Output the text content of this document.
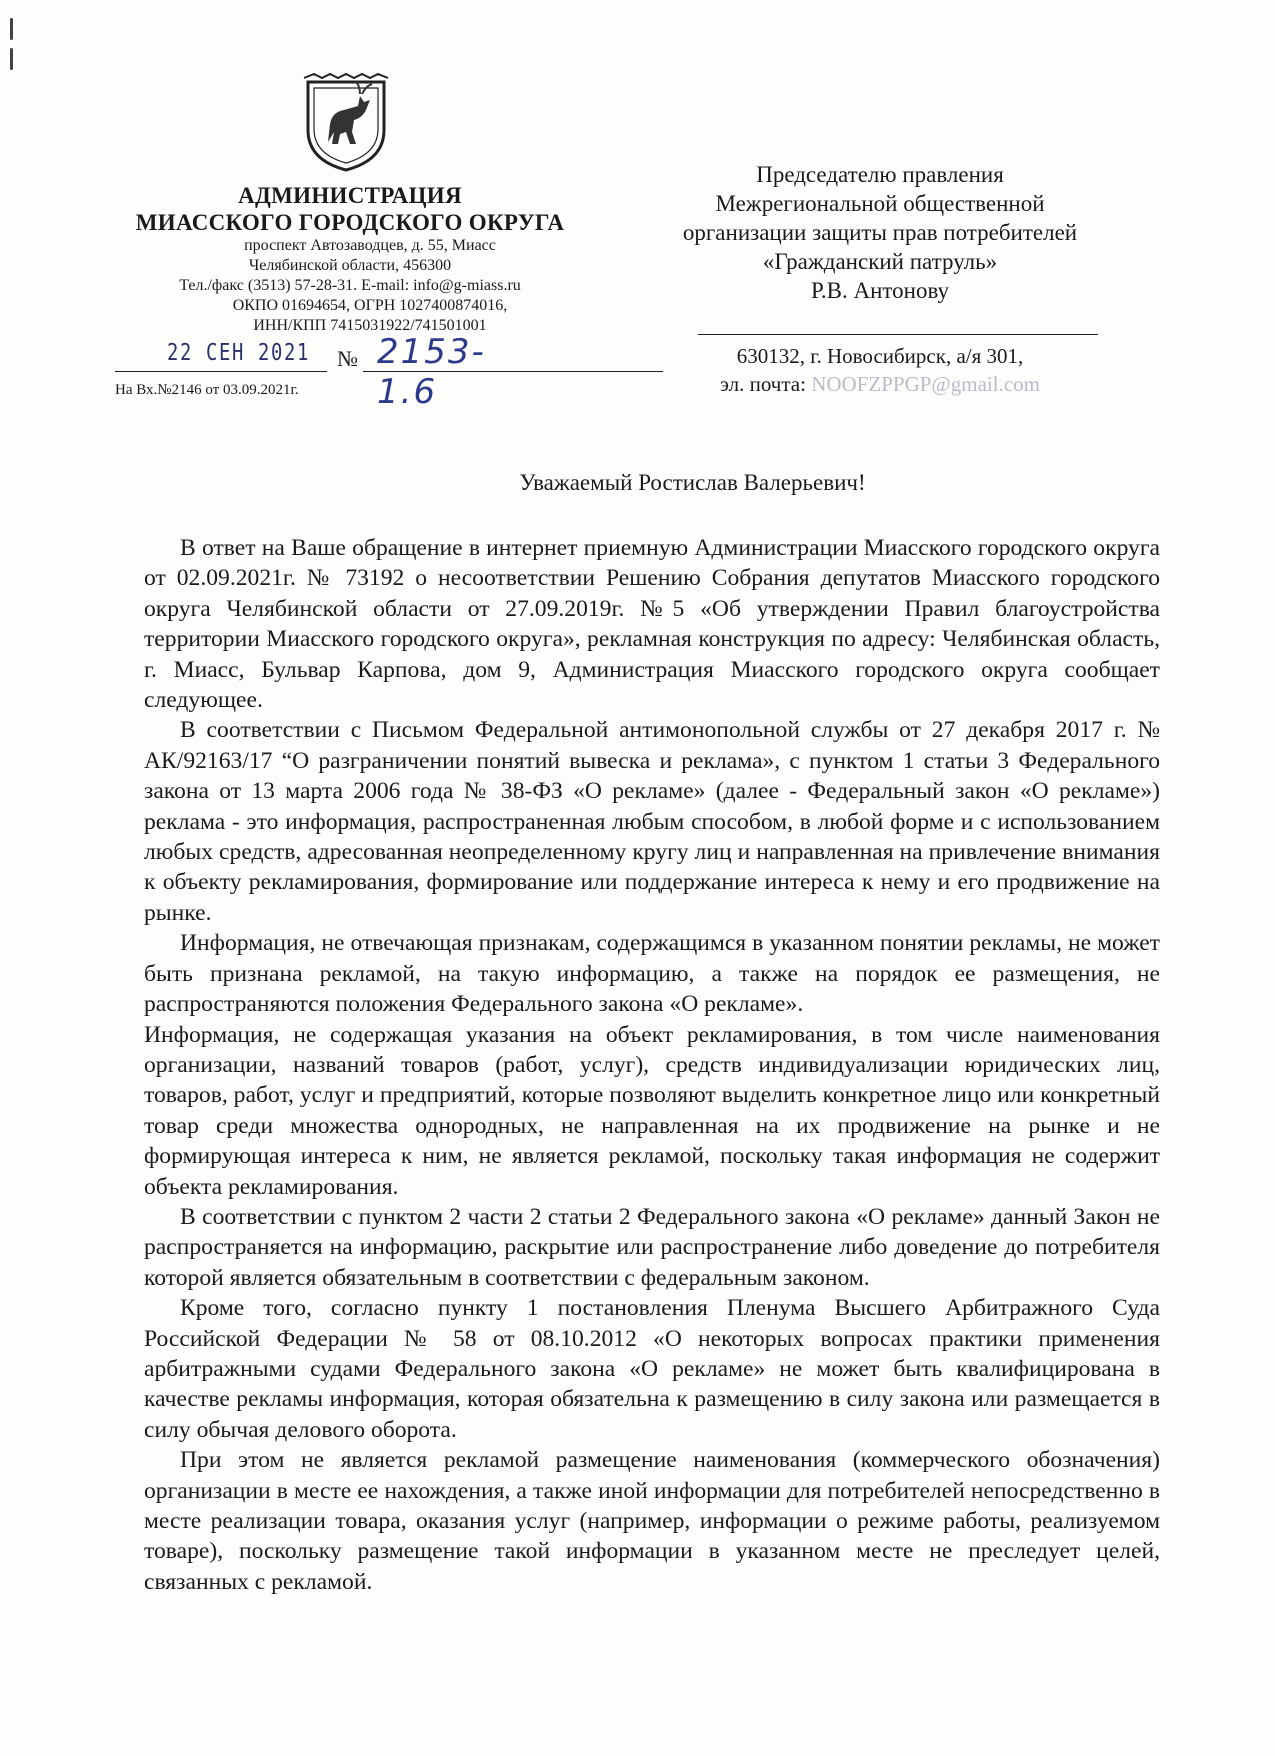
АДМИНИСТРАЦИЯ
МИАССКОГО ГОРОДСКОГО ОКРУГА
проспект Автозаводцев, д. 55, Миасс
Челябинской области, 456300
Тел./факс (3513) 57-28-31. E-mail: info@g-miass.ru
ОКПО 01694654, ОГРН 1027400874016,
ИНН/КПП 7415031922/741501001
22 СЕН 2021 № 2153-1.6
На Вх.№2146 от 03.09.2021г.
Председателю правления
Межрегиональной общественной
организации защиты прав потребителей
«Гражданский патруль»
Р.В. Антонову
630132, г. Новосибирск, а/я 301,
эл. почта: NOOFZPPGP@gmail.com
Уважаемый Ростислав Валерьевич!

В ответ на Ваше обращение в интернет приемную Администрации Миасского городского округа от 02.09.2021г. № 73192 о несоответствии Решению Собрания депутатов Миасского городского округа Челябинской области от 27.09.2019г. №5 «Об утверждении Правил благоустройства территории Миасского городского округа», рекламная конструкция по адресу: Челябинская область, г. Миасс, Бульвар Карпова, дом 9, Администрация Миасского городского округа сообщает следующее.

В соответствии с Письмом Федеральной антимонопольной службы от 27 декабря 2017 г. № АК/92163/17 “О разграничении понятий вывеска и реклама», с пунктом 1 статьи 3 Федерального закона от 13 марта 2006 года № 38-ФЗ «О рекламе» (далее - Федеральный закон «О рекламе») реклама - это информация, распространенная любым способом, в любой форме и с использованием любых средств, адресованная неопределенному кругу лиц и направленная на привлечение внимания к объекту рекламирования, формирование или поддержание интереса к нему и его продвижение на рынке.

Информация, не отвечающая признакам, содержащимся в указанном понятии рекламы, не может быть признана рекламой, на такую информацию, а также на порядок ее размещения, не распространяются положения Федерального закона «О рекламе».

Информация, не содержащая указания на объект рекламирования, в том числе наименования организации, названий товаров (работ, услуг), средств индивидуализации юридических лиц, товаров, работ, услуг и предприятий, которые позволяют выделить конкретное лицо или конкретный товар среди множества однородных, не направленная на их продвижение на рынке и не формирующая интереса к ним, не является рекламой, поскольку такая информация не содержит объекта рекламирования.

В соответствии с пунктом 2 части 2 статьи 2 Федерального закона «О рекламе» данный Закон не распространяется на информацию, раскрытие или распространение либо доведение до потребителя которой является обязательным в соответствии с федеральным законом.

Кроме того, согласно пункту 1 постановления Пленума Высшего Арбитражного Суда Российской Федерации № 58 от 08.10.2012 «О некоторых вопросах практики применения арбитражными судами Федерального закона «О рекламе» не может быть квалифицирована в качестве рекламы информация, которая обязательна к размещению в силу закона или размещается в силу обычая делового оборота.

При этом не является рекламой размещение наименования (коммерческого обозначения) организации в месте ее нахождения, а также иной информации для потребителей непосредственно в месте реализации товара, оказания услуг (например, информации о режиме работы, реализуемом товаре), поскольку размещение такой информации в указанном месте не преследует целей, связанных с рекламой.
